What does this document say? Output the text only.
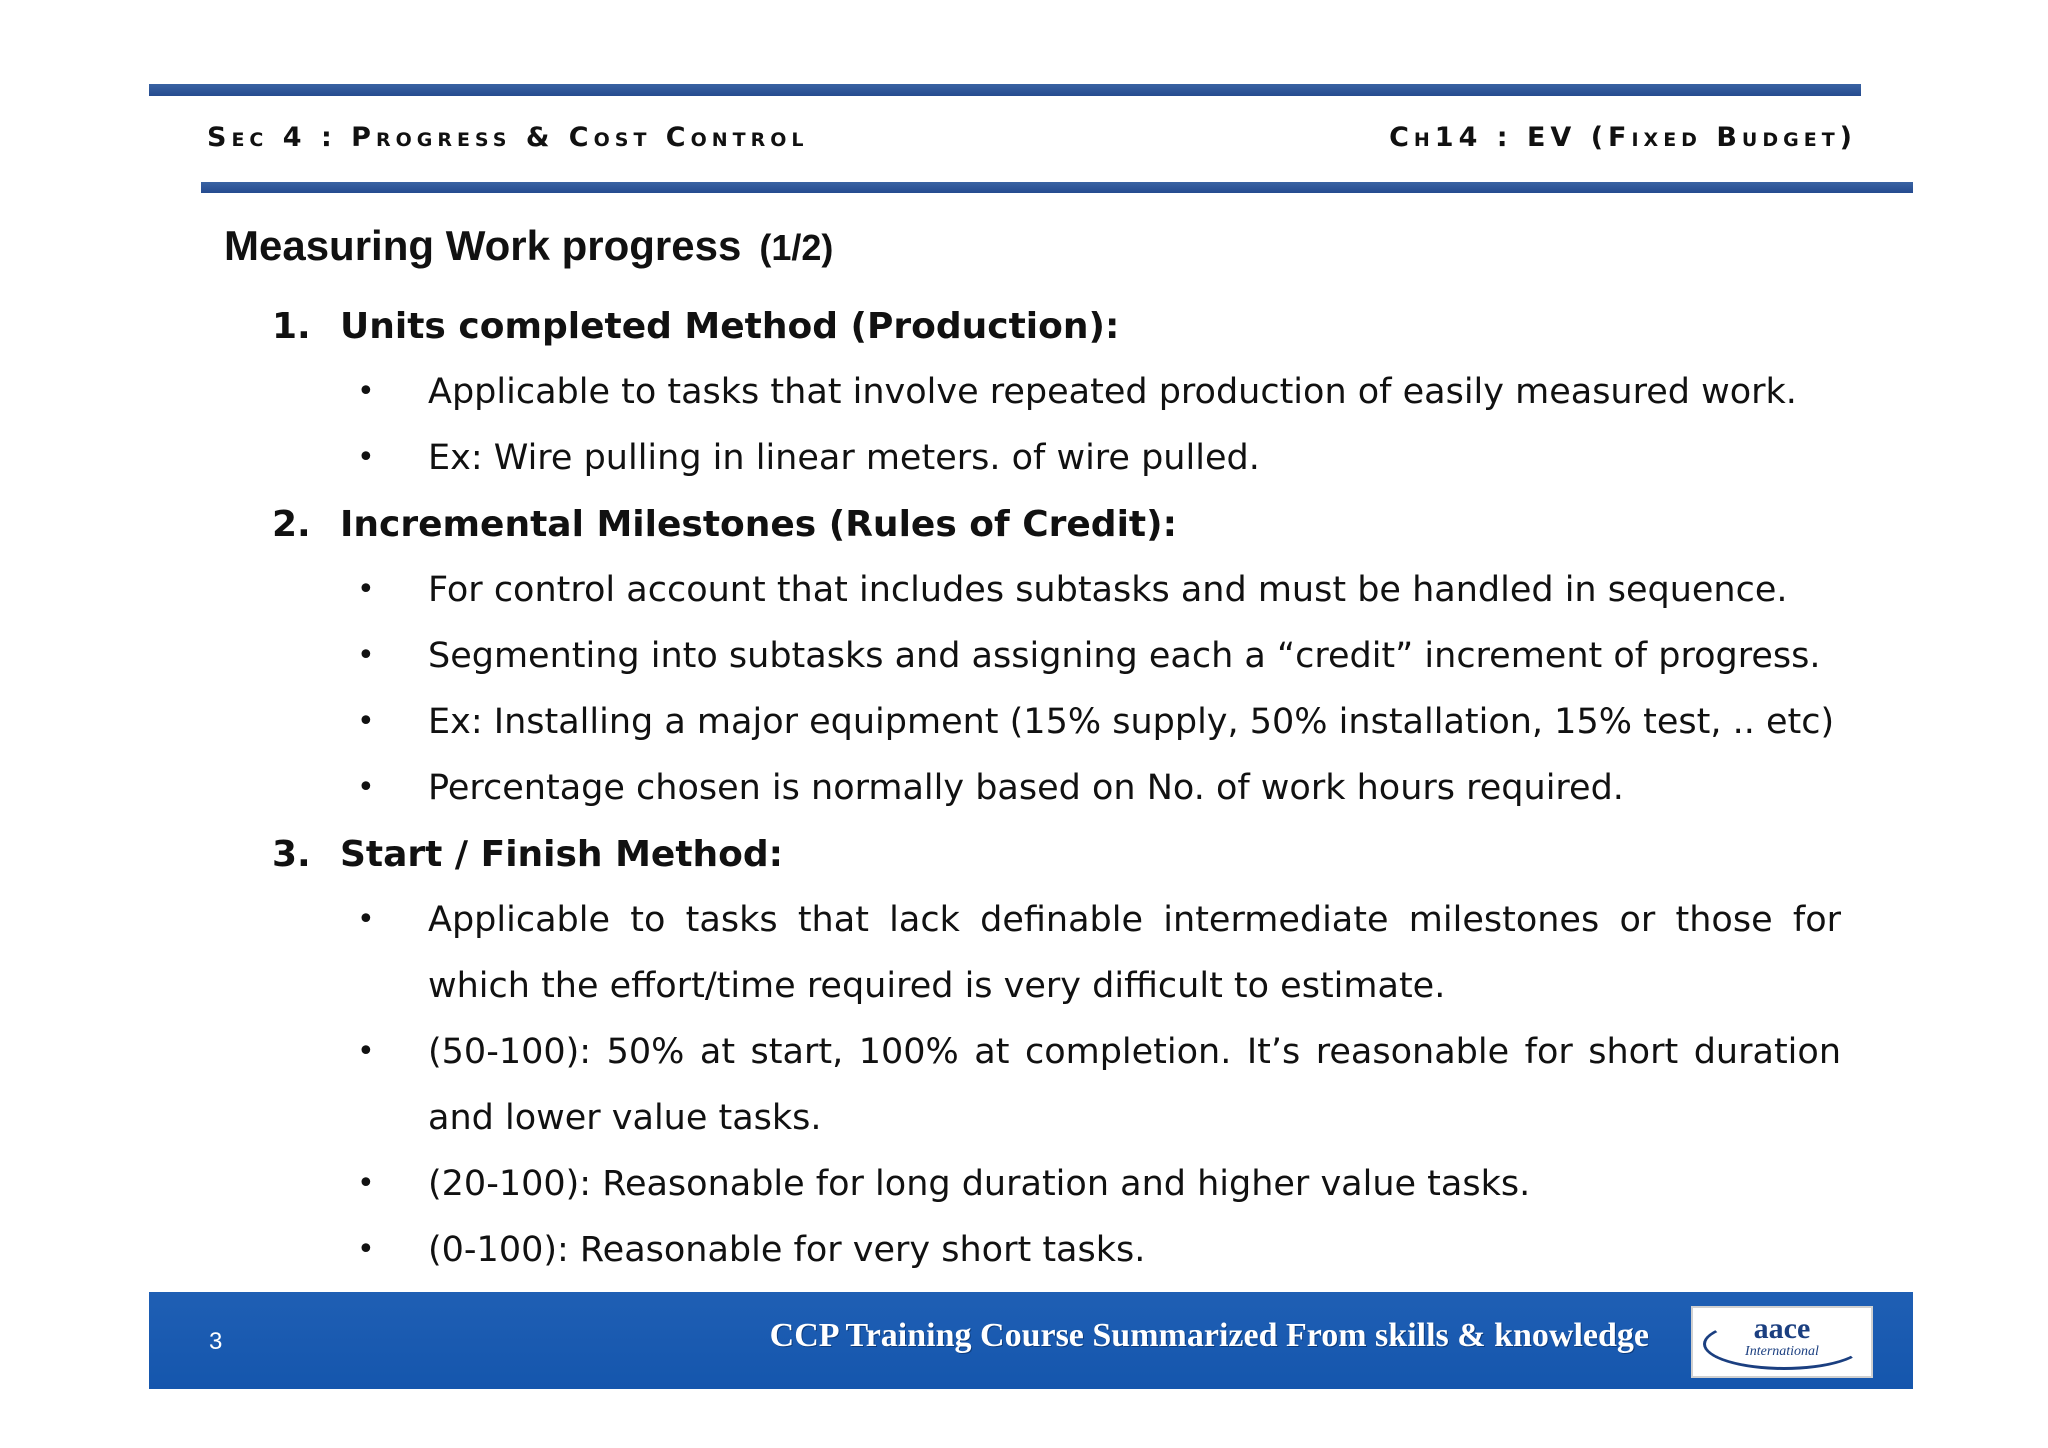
Sec 4 : Progress & Cost Control	Ch14 : EV (Fixed Budget)
Measuring Work progress (1/2)
1. Units completed Method (Production):
• Applicable to tasks that involve repeated production of easily measured work.
• Ex: Wire pulling in linear meters. of wire pulled.
2. Incremental Milestones (Rules of Credit):
• For control account that includes subtasks and must be handled in sequence.
• Segmenting into subtasks and assigning each a “credit” increment of progress.
• Ex: Installing a major equipment (15% supply, 50% installation, 15% test, .. etc)
• Percentage chosen is normally based on No. of work hours required.
3. Start / Finish Method:
• Applicable to tasks that lack definable intermediate milestones or those for
which the effort/time required is very difficult to estimate.
• (50-100): 50% at start, 100% at completion. It’s reasonable for short duration
and lower value tasks.
• (20-100): Reasonable for long duration and higher value tasks.
• (0-100): Reasonable for very short tasks.
3	CCP Training Course Summarized From skills & knowledge	aace
International
